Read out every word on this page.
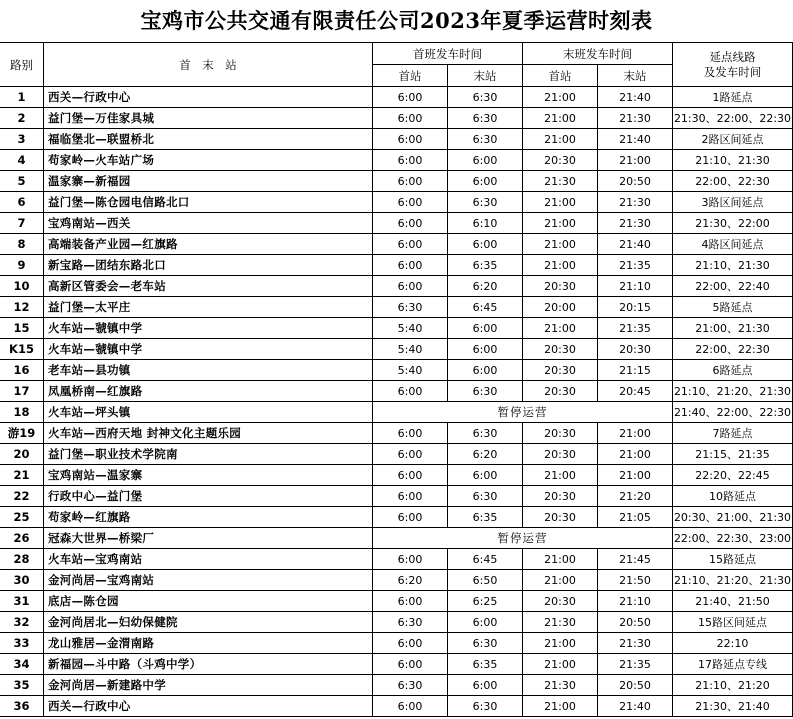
宝鸡市公共交通有限责任公司2023年夏季运营时刻表
路别	首　末　站	首班发车时间		末班发车时间		延点线路
及发车时间
		首站	末站	首站	末站	
1	西关—行政中心	6:00	6:30	21:00	21:40	1路延点
2	益门堡—万佳家具城	6:00	6:30	21:00	21:30	21:30、22:00、22:30
3	福临堡北—联盟桥北	6:00	6:30	21:00	21:40	2路区间延点
4	苟家岭—火车站广场	6:00	6:00	20:30	21:00	21:10、21:30
5	温家寨—新福园	6:00	6:00	21:30	20:50	22:00、22:30
6	益门堡—陈仓园电信路北口	6:00	6:30	21:00	21:30	3路区间延点
7	宝鸡南站—西关	6:00	6:10	21:00	21:30	21:30、22:00
8	高端装备产业园—红旗路	6:00	6:00	21:00	21:40	4路区间延点
9	新宝路—团结东路北口	6:00	6:35	21:00	21:35	21:10、21:30
10	高新区管委会—老车站	6:00	6:20	20:30	21:10	22:00、22:40
12	益门堡—太平庄	6:30	6:45	20:00	20:15	5路延点
15	火车站—虢镇中学	5:40	6:00	21:00	21:35	21:00、21:30
K15	火车站—虢镇中学	5:40	6:00	20:30	20:30	22:00、22:30
16	老车站—县功镇	5:40	6:00	20:30	21:15	6路延点
17	凤凰桥南—红旗路	6:00	6:30	20:30	20:45	21:10、21:20、21:30
18	火车站—坪头镇	暂停运营				21:40、22:00、22:30
游19	火车站—西府天地 封神文化主题乐园	6:00	6:30	20:30	21:00	7路延点
20	益门堡—职业技术学院南	6:00	6:20	20:30	21:00	21:15、21:35
21	宝鸡南站—温家寨	6:00	6:00	21:00	21:00	22:20、22:45
22	行政中心—益门堡	6:00	6:30	20:30	21:20	10路延点
25	苟家岭—红旗路	6:00	6:35	20:30	21:05	20:30、21:00、21:30
26	冠森大世界—桥梁厂	暂停运营				22:00、22:30、23:00
28	火车站—宝鸡南站	6:00	6:45	21:00	21:45	15路延点
30	金河尚居—宝鸡南站	6:20	6:50	21:00	21:50	21:10、21:20、21:30
31	底店—陈仓园	6:00	6:25	20:30	21:10	21:40、21:50
32	金河尚居北—妇幼保健院	6:30	6:00	21:30	20:50	15路区间延点
33	龙山雅居—金渭南路	6:00	6:30	21:00	21:30	22:10
34	新福园—斗中路（斗鸡中学）	6:00	6:35	21:00	21:35	17路延点专线
35	金河尚居—新建路中学	6:30	6:00	21:30	20:50	21:10、21:20
36	西关—行政中心	6:00	6:30	21:00	21:40	21:30、21:40
